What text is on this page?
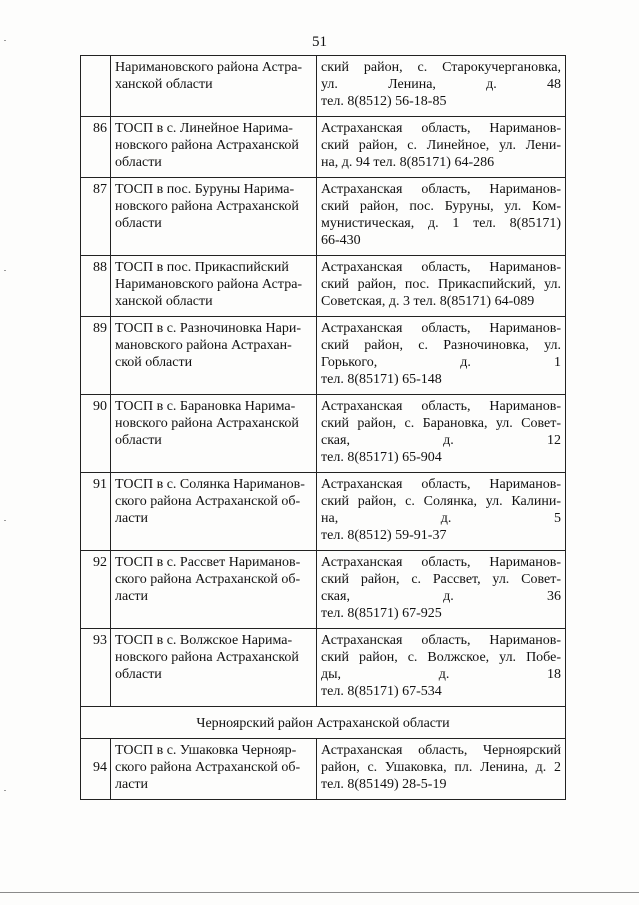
51

	Наримановского района Астра-
ханской области	ский район, с. Старокучергановка,
ул. Ленина, д. 48
тел. 8(8512) 56-18-85

86	ТОСП в с. Линейное Нарима-
новского района Астраханской
области	Астраханская область, Нариманов-
ский район, с. Линейное, ул. Лени-
на, д. 94 тел. 8(85171) 64-286

87	ТОСП в пос. Буруны Нарима-
новского района Астраханской
области	Астраханская область, Нариманов-
ский район, пос. Буруны, ул. Ком-
мунистическая, д. 1 тел. 8(85171)
66-430

88	ТОСП в пос. Прикаспийский
Наримановского района Астра-
ханской области	Астраханская область, Нариманов-
ский район, пос. Прикаспийский, ул.
Советская, д. 3 тел. 8(85171) 64-089

89	ТОСП в с. Разночиновка Нари-
мановского района Астрахан-
ской области	Астраханская область, Нариманов-
ский район, с. Разночиновка, ул.
Горького, д. 1
тел. 8(85171) 65-148

90	ТОСП в с. Барановка Нарима-
новского района Астраханской
области	Астраханская область, Нариманов-
ский район, с. Барановка, ул. Совет-
ская, д. 12
тел. 8(85171) 65-904

91	ТОСП в с. Солянка Нариманов-
ского района Астраханской об-
ласти	Астраханская область, Нариманов-
ский район, с. Солянка, ул. Калини-
на, д. 5
тел. 8(8512) 59-91-37

92	ТОСП в с. Рассвет Нариманов-
ского района Астраханской об-
ласти	Астраханская область, Нариманов-
ский район, с. Рассвет, ул. Совет-
ская, д. 36
тел. 8(85171) 67-925

93	ТОСП в с. Волжское Нарима-
новского района Астраханской
области	Астраханская область, Нариманов-
ский район, с. Волжское, ул. Побе-
ды, д. 18
тел. 8(85171) 67-534

Черноярский район Астраханской области		
94	ТОСП в с. Ушаковка Чернояр-
ского района Астраханской об-
ласти	Астраханская область, Черноярский
район, с. Ушаковка, пл. Ленина, д. 2
тел. 8(85149) 28-5-19
